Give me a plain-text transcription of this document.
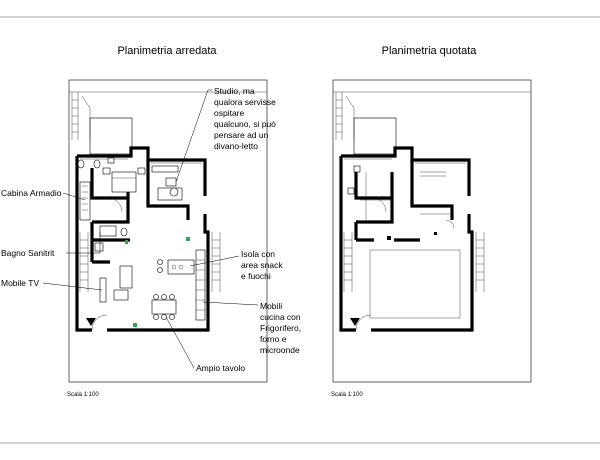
Planimetria arredata	Planimetria quotata
Scala 1:100	Scala 1:100
Studio, ma qualora servisse ospitare qualcuno, si può pensare ad un divano-letto
Cabina Armadio
Bagno Sanitrit
Mobile TV
Isola con area snack e fuochi
Mobili cucina con Frigorifero, forno e microonde
Ampio tavolo
